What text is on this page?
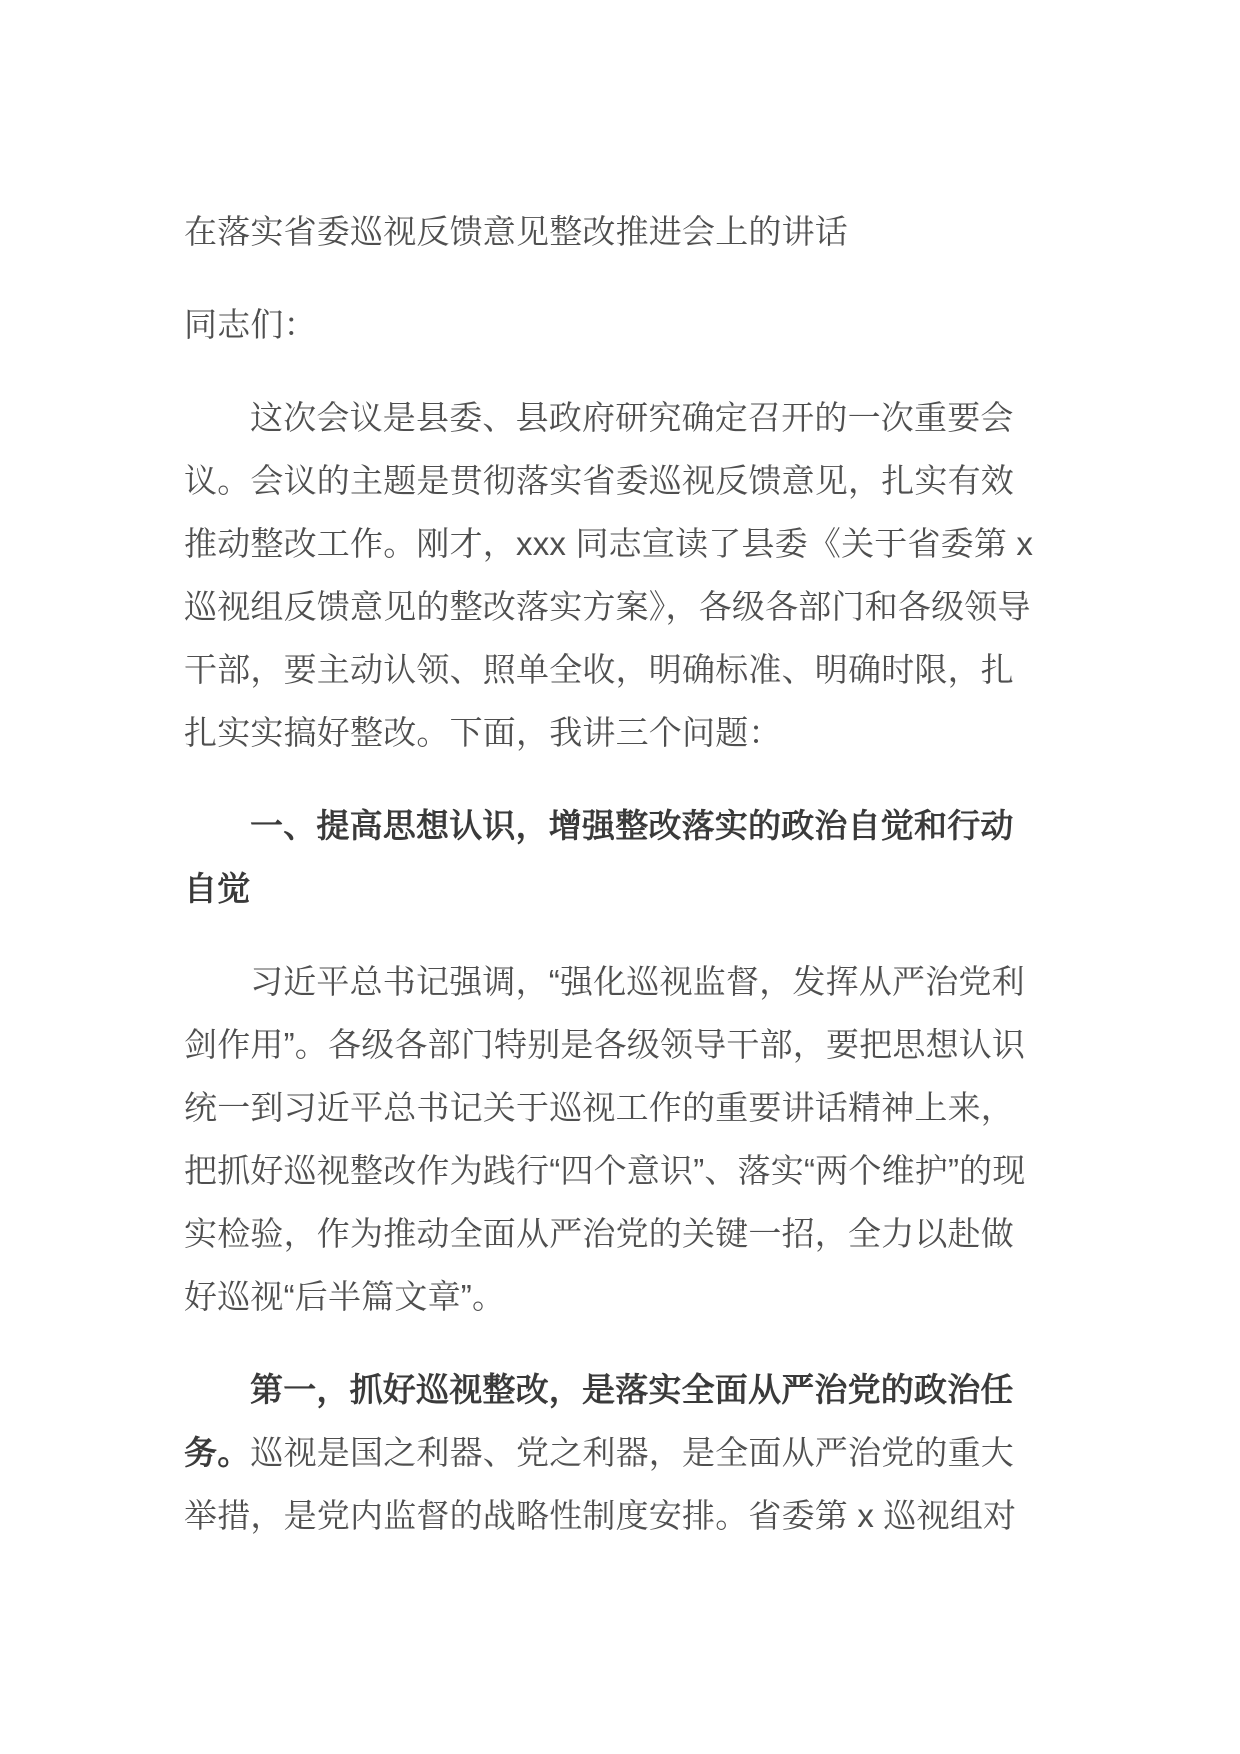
在落实省委巡视反馈意见整改推进会上的讲话

同志们：

这次会议是县委、县政府研究确定召开的一次重要会议。会议的主题是贯彻落实省委巡视反馈意见，扎实有效推动整改工作。刚才，xxx 同志宣读了县委《关于省委第 x 巡视组反馈意见的整改落实方案》，各级各部门和各级领导干部，要主动认领、照单全收，明确标准、明确时限，扎扎实实搞好整改。下面，我讲三个问题：

一、提高思想认识，增强整改落实的政治自觉和行动自觉

习近平总书记强调，“强化巡视监督，发挥从严治党利剑作用”。各级各部门特别是各级领导干部，要把思想认识统一到习近平总书记关于巡视工作的重要讲话精神上来，把抓好巡视整改作为践行“四个意识”、落实“两个维护”的现实检验，作为推动全面从严治党的关键一招，全力以赴做好巡视“后半篇文章”。

第一，抓好巡视整改，是落实全面从严治党的政治任务。巡视是国之利器、党之利器，是全面从严治党的重大举措，是党内监督的战略性制度安排。省委第 x 巡视组对
